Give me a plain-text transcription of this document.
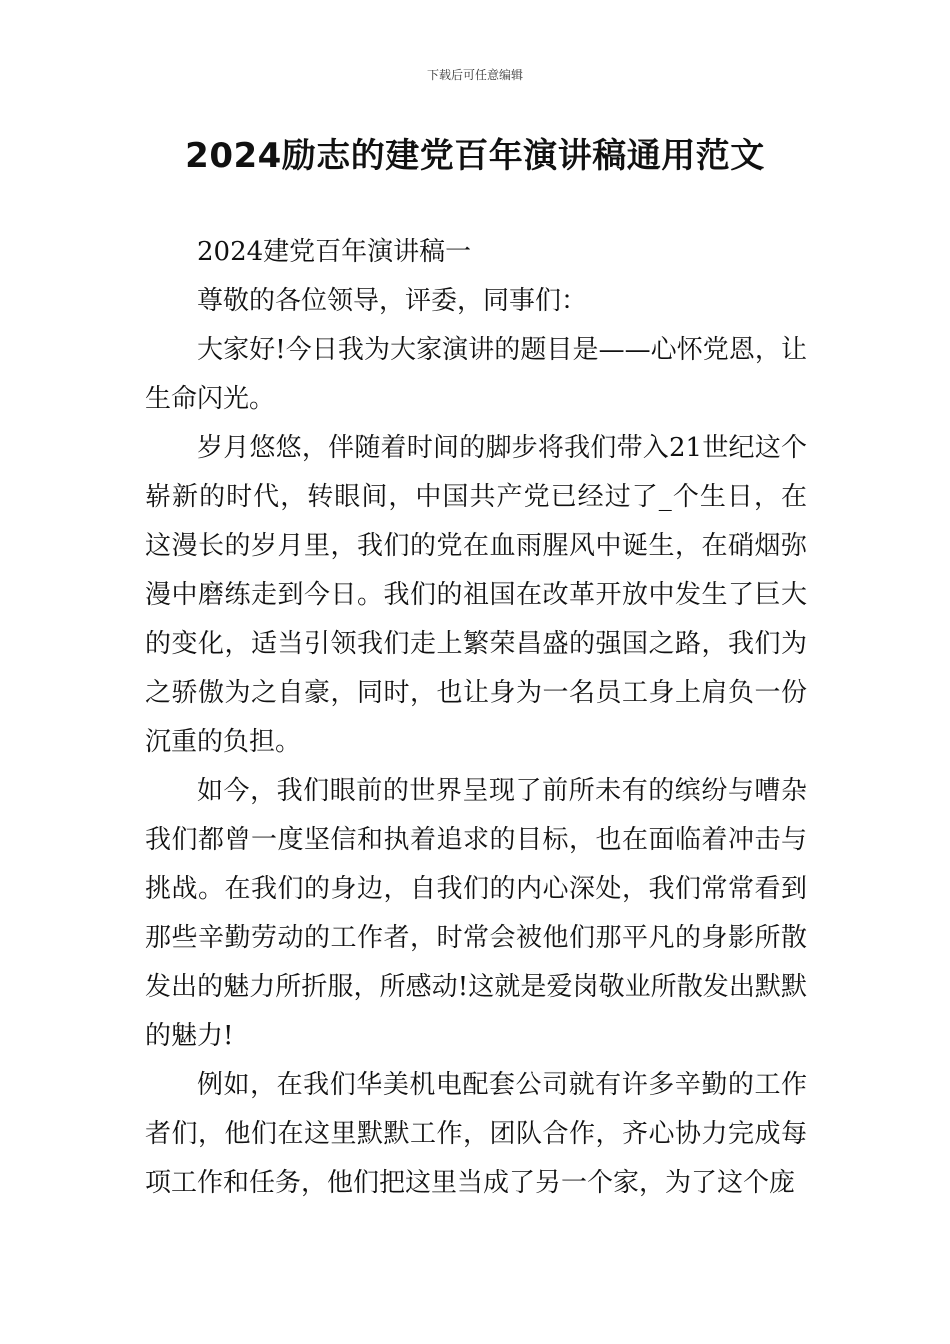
下载后可任意编辑
2024励志的建党百年演讲稿通用范文

2024建党百年演讲稿一

尊敬的各位领导，评委，同事们：

大家好!今日我为大家演讲的题目是——心怀党恩，让生命闪光。

岁月悠悠，伴随着时间的脚步将我们带入21世纪这个崭新的时代，转眼间，中国共产党已经过了_个生日，在这漫长的岁月里，我们的党在血雨腥风中诞生，在硝烟弥漫中磨练走到今日。我们的祖国在改革开放中发生了巨大的变化，适当引领我们走上繁荣昌盛的强国之路，我们为之骄傲为之自豪，同时，也让身为一名员工身上肩负一份沉重的负担。

如今，我们眼前的世界呈现了前所未有的缤纷与嘈杂我们都曾一度坚信和执着追求的目标，也在面临着冲击与挑战。在我们的身边，自我们的内心深处，我们常常看到那些辛勤劳动的工作者，时常会被他们那平凡的身影所散发出的魅力所折服，所感动!这就是爱岗敬业所散发出默默的魅力!

例如，在我们华美机电配套公司就有许多辛勤的工作者们，他们在这里默默工作，团队合作，齐心协力完成每项工作和任务，他们把这里当成了另一个家，为了这个庞
